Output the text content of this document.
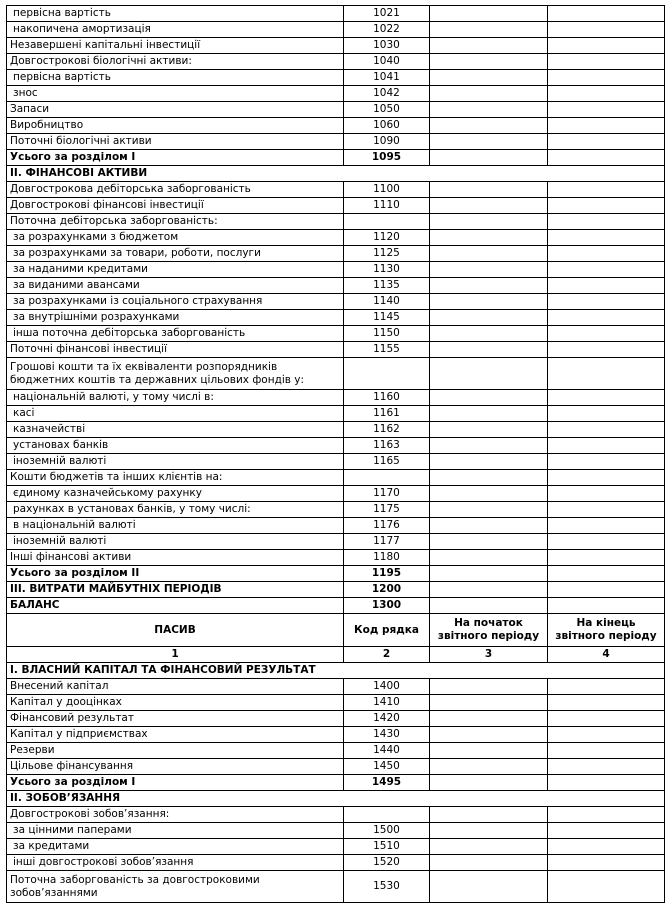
первісна вартість	1021		
накопичена амортизація	1022		
Незавершені капітальні інвестиції	1030		
Довгострокові біологічні активи:	1040		
первісна вартість	1041		
знос	1042		
Запаси	1050		
Виробництво	1060		
Поточні біологічні активи	1090		
Усього за розділом I	1095		
II. ФІНАНСОВІ АКТИВИ			
Довгострокова дебіторська заборгованість	1100		
Довгострокові фінансові інвестиції	1110		
Поточна дебіторська заборгованість:			
за розрахунками з бюджетом	1120		
за розрахунками за товари, роботи, послуги	1125		
за наданими кредитами	1130		
за виданими авансами	1135		
за розрахунками із соціального страхування	1140		
за внутрішніми розрахунками	1145		
інша поточна дебіторська заборгованість	1150		
Поточні фінансові інвестиції	1155		
Грошові кошти та їх еквіваленти розпорядників бюджетних коштів та державних цільових фондів у:			
національній валюті, у тому числі в:	1160		
касі	1161		
казначействі	1162		
установах банків	1163		
іноземній валюті	1165		
Кошти бюджетів та інших клієнтів на:			
єдиному казначейському рахунку	1170		
рахунках в установах банків, у тому числі:	1175		
в національній валюті	1176		
іноземній валюті	1177		
Інші фінансові активи	1180		
Усього за розділом II	1195		
III. ВИТРАТИ МАЙБУТНІХ ПЕРІОДІВ	1200		
БАЛАНС	1300		
ПАСИВ	Код рядка	На початок звітного періоду	На кінець звітного періоду
1	2	3	4
I. ВЛАСНИЙ КАПІТАЛ ТА ФІНАНСОВИЙ РЕЗУЛЬТАТ			
Внесений капітал	1400		
Капітал у дооцінках	1410		
Фінансовий результат	1420		
Капітал у підприємствах	1430		
Резерви	1440		
Цільове фінансування	1450		
Усього за розділом I	1495		
II. ЗОБОВ’ЯЗАННЯ			
Довгострокові зобов’язання:			
за цінними паперами	1500		
за кредитами	1510		
інші довгострокові зобов’язання	1520		
Поточна заборгованість за довгостроковими зобов’язаннями	1530		
